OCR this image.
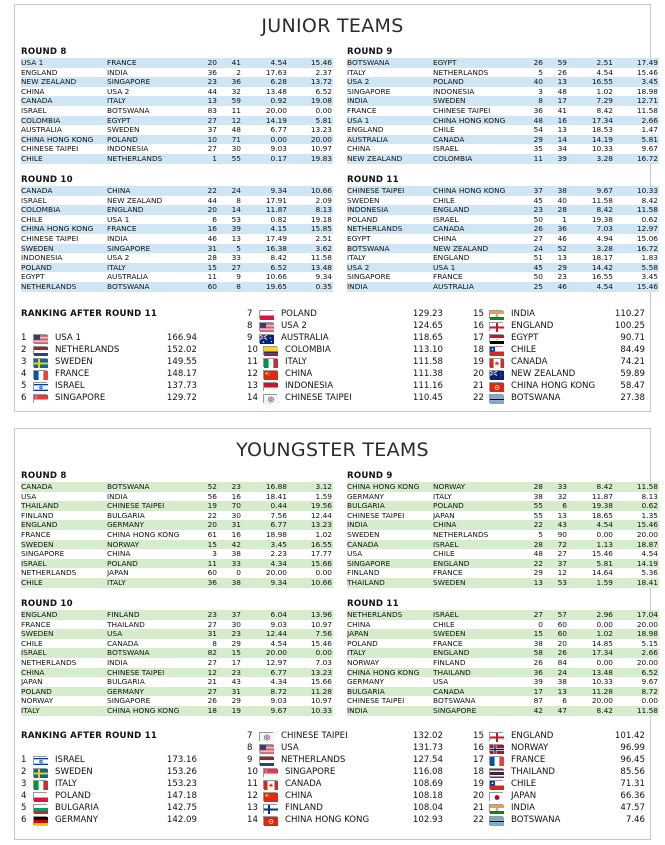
JUNIOR TEAMS
ROUND 8
USA 1	FRANCE	20	41	4.54	15.46
ENGLAND	INDIA	36	2	17.63	2.37
NEW ZEALAND	SINGAPORE	23	36	6.28	13.72
CHINA	USA 2	44	32	13.48	6.52
CANADA	ITALY	13	59	0.92	19.08
ISRAEL	BOTSWANA	83	11	20.00	0.00
COLOMBIA	EGYPT	27	12	14.19	5.81
AUSTRALIA	SWEDEN	37	48	6.77	13.23
CHINA HONG KONG	POLAND	10	71	0.00	20.00
CHINESE TAIPEI	INDONESIA	27	30	9.03	10.97
CHILE	NETHERLANDS	1	55	0.17	19.83
ROUND 9
BOTSWANA	EGYPT	26	59	2.51	17.49
ITALY	NETHERLANDS	5	26	4.54	15.46
USA 2	POLAND	40	13	16.55	3.45
SINGAPORE	INDONESIA	3	48	1.02	18.98
INDIA	SWEDEN	8	17	7.29	12.71
FRANCE	CHINESE TAIPEI	36	41	8.42	11.58
USA 1	CHINA HONG KONG	48	16	17.34	2.66
ENGLAND	CHILE	54	13	18.53	1.47
AUSTRALIA	CANADA	29	14	14.19	5.81
CHINA	ISRAEL	35	34	10.33	9.67
NEW ZEALAND	COLOMBIA	11	39	3.28	16.72
ROUND 10
CANADA	CHINA	22	24	9.34	10.66
ISRAEL	NEW ZEALAND	44	8	17.91	2.09
COLOMBIA	ENGLAND	20	14	11.87	8.13
CHILE	USA 1	6	53	0.82	19.18
CHINA HONG KONG	FRANCE	16	39	4.15	15.85
CHINESE TAIPEI	INDIA	46	13	17.49	2.51
SWEDEN	SINGAPORE	31	5	16.38	3.62
INDONESIA	USA 2	28	33	8.42	11.58
POLAND	ITALY	15	27	6.52	13.48
EGYPT	AUSTRALIA	11	9	10.66	9.34
NETHERLANDS	BOTSWANA	60	8	19.65	0.35
ROUND 11
CHINESE TAIPEI	CHINA HONG KONG	37	38	9.67	10.33
SWEDEN	CHILE	45	40	11.58	8.42
INDONESIA	ENGLAND	23	28	8.42	11.58
POLAND	ISRAEL	50	1	19.38	0.62
NETHERLANDS	CANADA	26	36	7.03	12.97
EGYPT	CHINA	27	46	4.94	15.06
BOTSWANA	NEW ZEALAND	24	52	3.28	16.72
ITALY	ENGLAND	51	13	18.17	1.83
USA 2	USA 1	45	29	14.42	5.58
SINGAPORE	FRANCE	50	23	16.55	3.45
INDIA	AUSTRALIA	25	46	4.54	15.46
RANKING AFTER ROUND 11
1	USA 1	166.94
2	NETHERLANDS	152.02
3	SWEDEN	149.55
4	FRANCE	148.17
5	ISRAEL	137.73
6	SINGAPORE	129.72
7	POLAND	129.23
8	USA 2	124.65
9	AUSTRALIA	118.65
10	COLOMBIA	113.10
11	ITALY	111.58
12	CHINA	111.38
13	INDONESIA	111.16
14	CHINESE TAIPEI	110.45
15	INDIA	110.27
16	ENGLAND	100.25
17	EGYPT	90.71
18	CHILE	84.49
19	CANADA	74.21
20	NEW ZEALAND	59.89
21	CHINA HONG KONG	58.47
22	BOTSWANA	27.38
YOUNGSTER TEAMS
ROUND 8
CANADA	BOTSWANA	52	23	16.88	3.12
USA	INDIA	56	16	18.41	1.59
THAILAND	CHINESE TAIPEI	19	70	0.44	19.56
FINLAND	BULGARIA	22	30	7.56	12.44
ENGLAND	GERMANY	20	31	6.77	13.23
FRANCE	CHINA HONG KONG	61	16	18.98	1.02
SWEDEN	NORWAY	15	42	3.45	16.55
SINGAPORE	CHINA	3	38	2.23	17.77
ISRAEL	POLAND	11	33	4.34	15.66
NETHERLANDS	JAPAN	60	0	20.00	0.00
CHILE	ITALY	36	38	9.34	10.66
ROUND 9
CHINA HONG KONG	NORWAY	28	33	8.42	11.58
GERMANY	ITALY	38	32	11.87	8.13
BULGARIA	POLAND	55	6	19.38	0.62
CHINESE TAIPEI	JAPAN	55	13	18.65	1.35
INDIA	CHINA	22	43	4.54	15.46
SWEDEN	NETHERLANDS	5	90	0.00	20.00
CANADA	ISRAEL	28	72	1.13	18.87
USA	CHILE	48	27	15.46	4.54
SINGAPORE	ENGLAND	22	37	5.81	14.19
FINLAND	FRANCE	29	12	14.64	5.36
THAILAND	SWEDEN	13	53	1.59	18.41
ROUND 10
ENGLAND	FINLAND	23	37	6.04	13.96
FRANCE	THAILAND	27	30	9.03	10.97
SWEDEN	USA	31	23	12.44	7.56
CHILE	CANADA	8	29	4.54	15.46
ISRAEL	BOTSWANA	82	15	20.00	0.00
NETHERLANDS	INDIA	27	17	12.97	7.03
CHINA	CHINESE TAIPEI	12	23	6.77	13.23
JAPAN	BULGARIA	21	43	4.34	15.66
POLAND	GERMANY	27	31	8.72	11.28
NORWAY	SINGAPORE	26	29	9.03	10.97
ITALY	CHINA HONG KONG	18	19	9.67	10.33
ROUND 11
NETHERLANDS	ISRAEL	27	57	2.96	17.04
CHINA	CHILE	0	60	0.00	20.00
JAPAN	SWEDEN	15	60	1.02	18.98
POLAND	FRANCE	38	20	14.85	5.15
ITALY	ENGLAND	58	26	17.34	2.66
NORWAY	FINLAND	26	84	0.00	20.00
CHINA HONG KONG	THAILAND	36	24	13.48	6.52
GERMANY	USA	39	38	10.33	9.67
BULGARIA	CANADA	17	13	11.28	8.72
CHINESE TAIPEI	BOTSWANA	87	6	20.00	0.00
INDIA	SINGAPORE	42	47	8.42	11.58
RANKING AFTER ROUND 11
1	ISRAEL	173.16
2	SWEDEN	153.26
3	ITALY	153.23
4	POLAND	147.18
5	BULGARIA	142.75
6	GERMANY	142.09
7	CHINESE TAIPEI	132.02
8	USA	131.73
9	NETHERLANDS	127.54
10	SINGAPORE	116.08
11	CANADA	108.69
12	CHINA	108.18
13	FINLAND	108.04
14	CHINA HONG KONG	102.93
15	ENGLAND	101.42
16	NORWAY	96.99
17	FRANCE	96.45
18	THAILAND	85.56
19	CHILE	71.31
20	JAPAN	66.36
21	INDIA	47.57
22	BOTSWANA	7.46
